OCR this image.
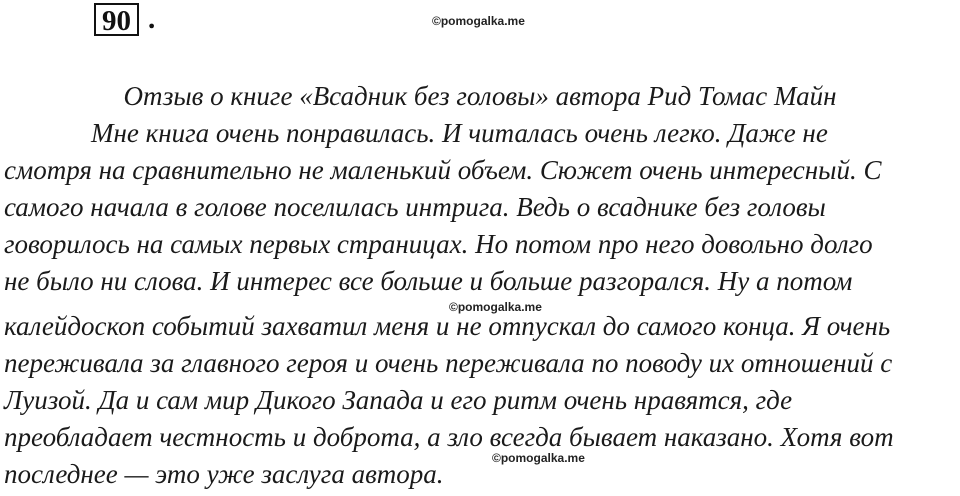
90 .	©pomogalka.me
Отзыв о книге «Всадник без головы» автора Рид Томас Майн
Мне книга очень понравилась. И читалась очень легко. Даже не
смотря на сравнительно не маленький объем. Сюжет очень интересный. С
самого начала в голове поселилась интрига. Ведь о всаднике без головы
говорилось на самых первых страницах. Но потом про него довольно долго
не было ни слова. И интерес все больше и больше разгорался. Ну а потом
калейдоскоп событий захватил меня и не отпускал до самого конца. Я очень
переживала за главного героя и очень переживала по поводу их отношений с
Луизой. Да и сам мир Дикого Запада и его ритм очень нравятся, где
преобладает честность и доброта, а зло всегда бывает наказано. Хотя вот
последнее — это уже заслуга автора.
©pomogalka.me
©pomogalka.me
